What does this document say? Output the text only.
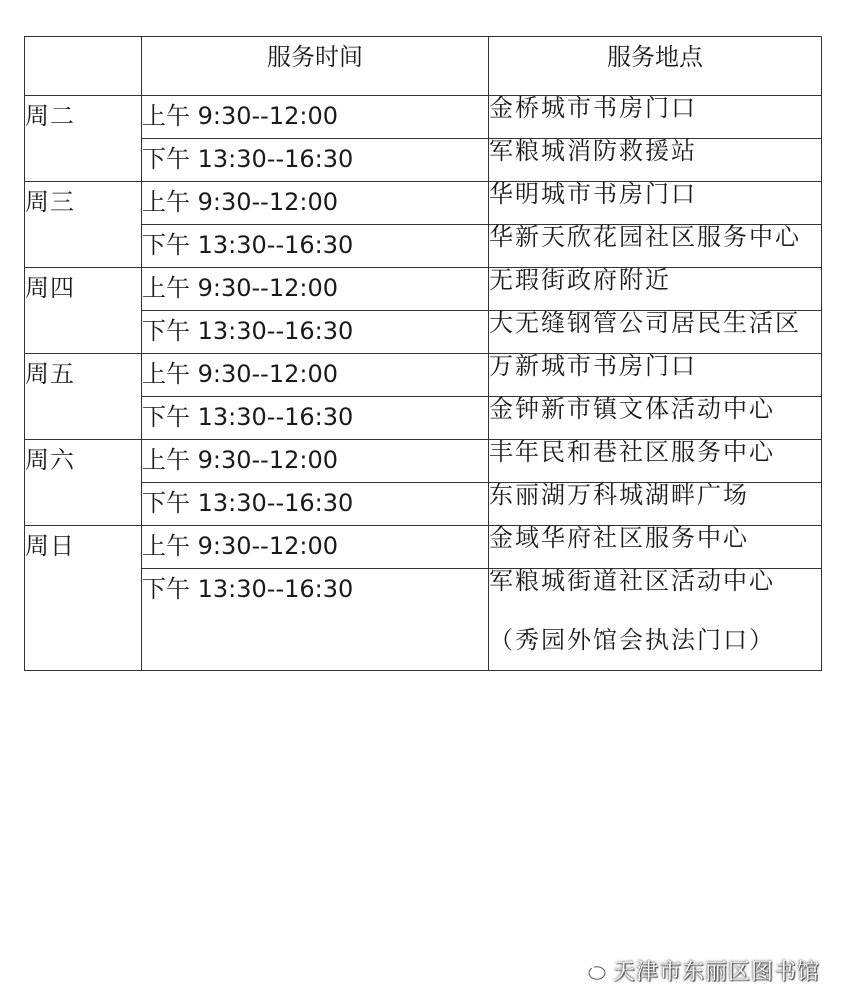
	服务时间	服务地点
周二	上午 9:30--12:00	金桥城市书房门口

	下午 13:30--16:30	军粮城消防救援站

周三	上午 9:30--12:00	华明城市书房门口

	下午 13:30--16:30	华新天欣花园社区服务中心

周四	上午 9:30--12:00	无瑕街政府附近

	下午 13:30--16:30	大无缝钢管公司居民生活区

周五	上午 9:30--12:00	万新城市书房门口

	下午 13:30--16:30	金钟新市镇文体活动中心

周六	上午 9:30--12:00	丰年民和巷社区服务中心

	下午 13:30--16:30	东丽湖万科城湖畔广场

周日	上午 9:30--12:00	金域华府社区服务中心

	下午 13:30--16:30	军粮城街道社区活动中心（秀园外馆会执法门口）
天津市东丽区图书馆
